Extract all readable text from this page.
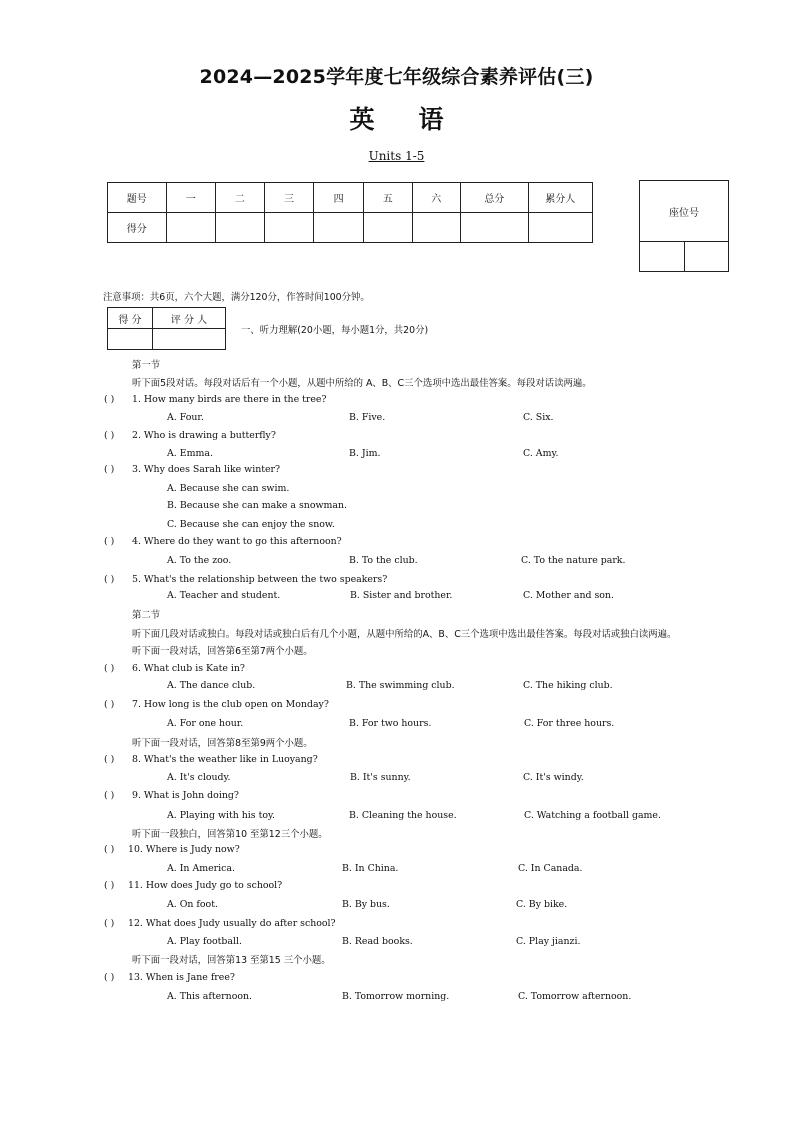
2024—2025学年度七年级综合素养评估(三)
英 语
Units 1-5
题号	一	二	三	四	五	六	总分	累分人
得分								
座位号

注意事项：共6页，六个大题，满分120分，作答时间100分钟。
得 分	评 分 人

一、听力理解(20小题，每小题1分，共20分)
第一节
听下面5段对话。每段对话后有一个小题，从题中所给的 A、B、C三个选项中选出最佳答案。每段对话读两遍。
( ) 1. How many birds are there in the tree?
A. Four.	B. Five.	C. Six.
( ) 2. Who is drawing a butterfly?
A. Emma.	B. Jim.	C. Amy.
( ) 3. Why does Sarah like winter?
A. Because she can swim.
B. Because she can make a snowman.
C. Because she can enjoy the snow.
( ) 4. Where do they want to go this afternoon?
A. To the zoo.	B. To the club.	C. To the nature park.
( ) 5. What's the relationship between the two speakers?
A. Teacher and student.	B. Sister and brother.	C. Mother and son.
第二节
听下面几段对话或独白。每段对话或独白后有几个小题，从题中所给的A、B、C三个选项中选出最佳答案。每段对话或独白读两遍。
听下面一段对话，回答第6至第7两个小题。
( ) 6. What club is Kate in?
A. The dance club.	B. The swimming club.	C. The hiking club.
( ) 7. How long is the club open on Monday?
A. For one hour.	B. For two hours.	C. For three hours.
听下面一段对话，回答第8至第9两个小题。
( ) 8. What's the weather like in Luoyang?
A. It's cloudy.	B. It's sunny.	C. It's windy.
( ) 9. What is John doing?
A. Playing with his toy.	B. Cleaning the house.	C. Watching a football game.
听下面一段独白，回答第10 至第12三个小题。
( ) 10. Where is Judy now?
A. In America.	B. In China.	C. In Canada.
( ) 11. How does Judy go to school?
A. On foot.	B. By bus.	C. By bike.
( ) 12. What does Judy usually do after school?
A. Play football.	B. Read books.	C. Play jianzi.
听下面一段对话，回答第13 至第15 三个小题。
( ) 13. When is Jane free?
A. This afternoon.	B. Tomorrow morning.	C. Tomorrow afternoon.
